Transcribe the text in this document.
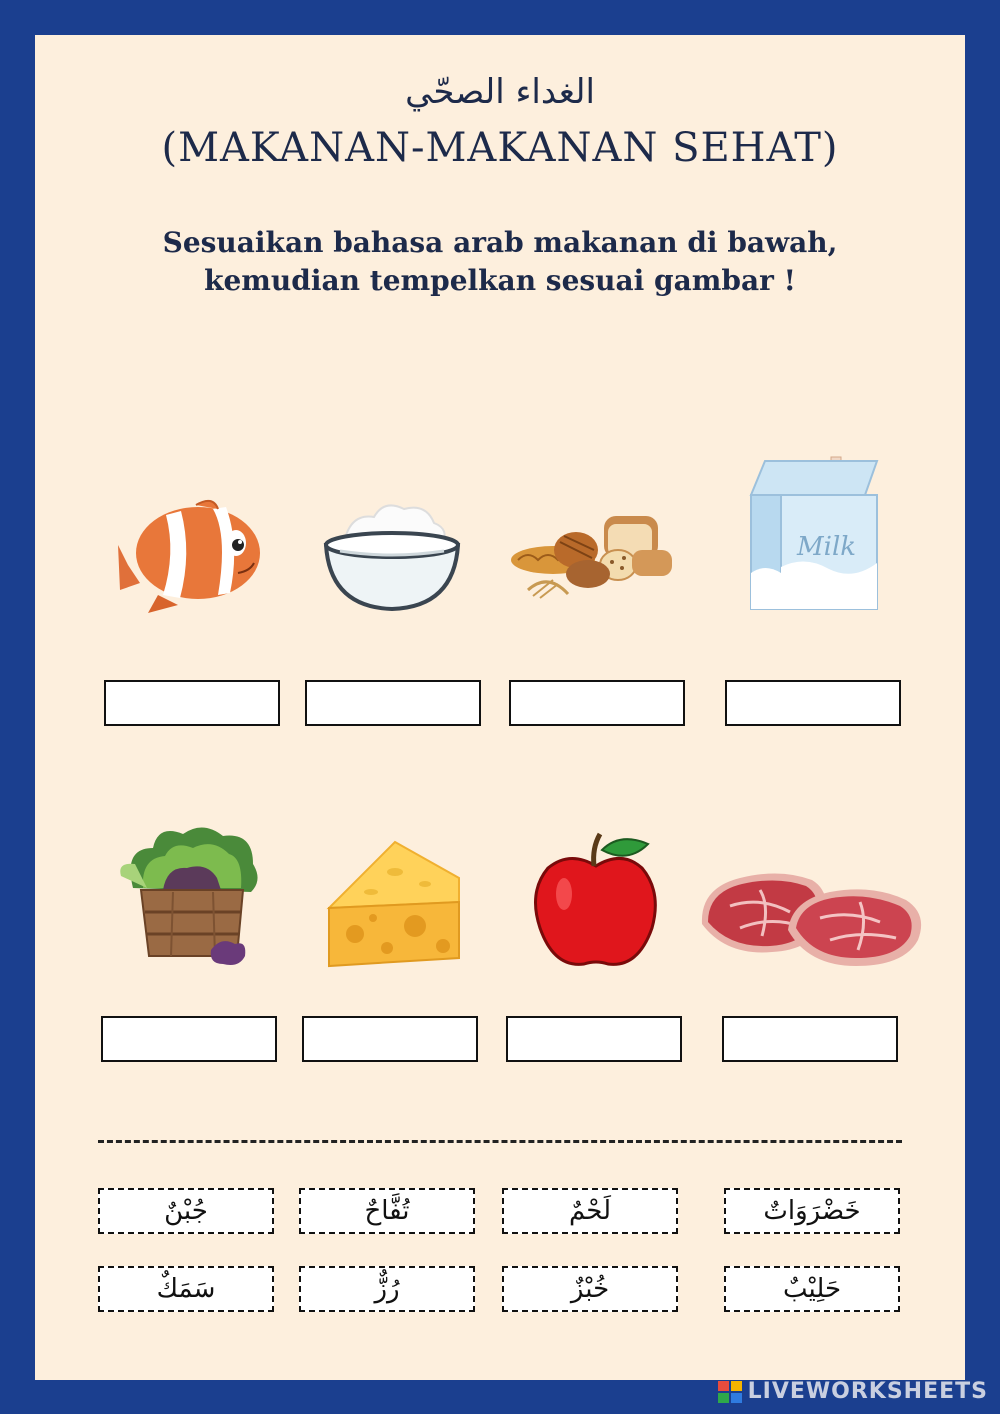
الغداء الصحّي
(MAKANAN-MAKANAN SEHAT)
Sesuaikan bahasa arab makanan di bawah,
kemudian tempelkan sesuai gambar !
Milk
جُبْنٌ	تُفَّاحٌ	لَحْمٌ	خَضْرَوَاتٌ
سَمَكٌ	رُزٌّ	خُبْزٌ	حَلِيْبٌ
LIVEWORKSHEETS
